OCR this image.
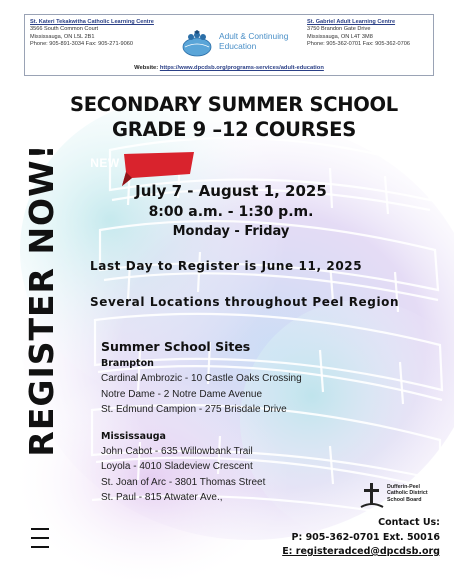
St. Kateri Tekakwitha Catholic Learning Centre
3566 South Common Court
Mississauga, ON L5L 2B1
Phone: 905-891-3034 Fax: 905-271-9060
Adult & Continuing
Education
St. Gabriel Adult Learning Centre
3750 Brandon Gate Drive
Mississauga, ON L4T 3M8
Phone: 905-362-0701 Fax: 905-362-0706
Website: https://www.dpcdsb.org/programs-services/adult-education
SECONDARY SUMMER SCHOOL
GRADE 9 –12 COURSES
REGISTER NOW!	NEW
July 7 - August 1, 2025
8:00 a.m. - 1:30 p.m.
Monday - Friday
Last Day to Register is June 11, 2025
Several Locations throughout Peel Region
Summer School Sites
Brampton
Cardinal Ambrozic - 10 Castle Oaks Crossing
Notre Dame - 2 Notre Dame Avenue
St. Edmund Campion - 275 Brisdale Drive
Mississauga
John Cabot - 635 Willowbank Trail
Loyola - 4010 Sladeview Crescent
St. Joan of Arc - 3801 Thomas Street
St. Paul - 815 Atwater Ave.,
Dufferin-Peel
Catholic District
School Board
Contact Us:
P: 905-362-0701 Ext. 50016
E: registeradced@dpcdsb.org
